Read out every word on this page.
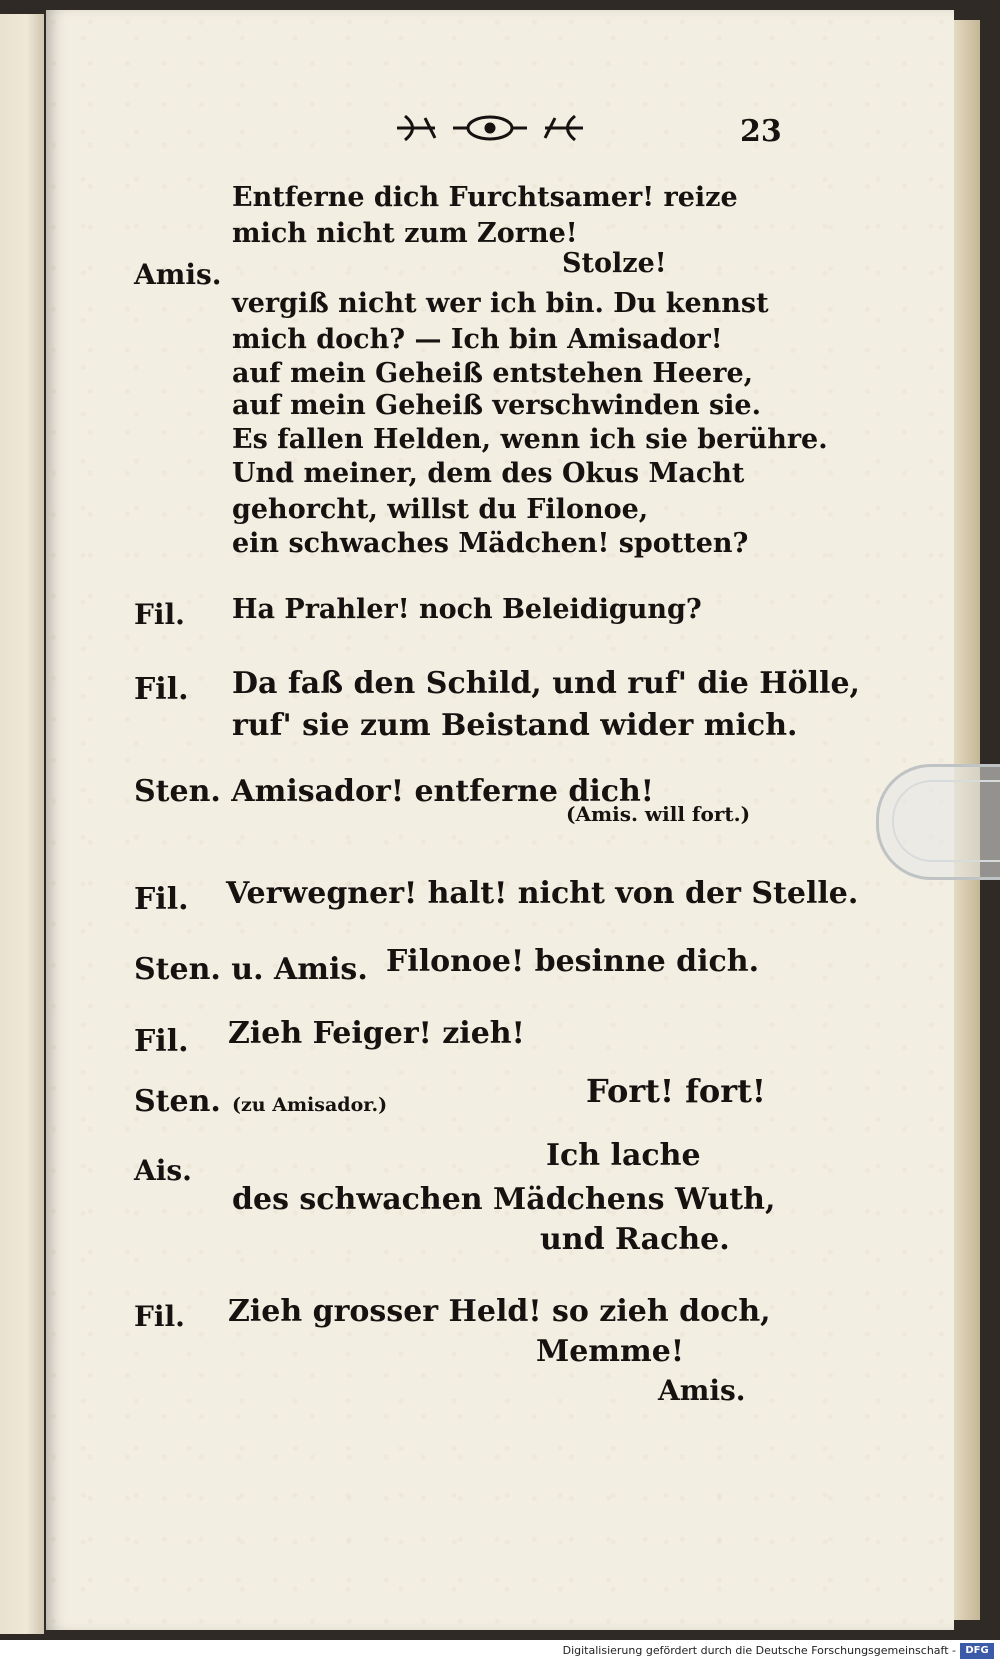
23
Entferne dich Furchtsamer! reize
mich nicht zum Zorne!
Amis.	Stolze!
vergiß nicht wer ich bin. Du kennst
mich doch? — Ich bin Amisador!
auf mein Geheiß entstehen Heere,
auf mein Geheiß verschwinden sie.
Es fallen Helden, wenn ich sie berühre.
Und meiner, dem des Okus Macht
gehorcht, willst du Filonoe,
ein schwaches Mädchen! spotten?
Fil. Ha Prahler! noch Beleidigung?
Fil. Da faß den Schild, und ruf' die Hölle,
ruf' sie zum Beistand wider mich.
Sten. Amisador! entferne dich!
(Amis. will fort.)
Fil. Verwegner! halt! nicht von der Stelle.
Sten. u. Amis. Filonoe! besinne dich.
Fil. Zieh Feiger! zieh!
Sten. (zu Amisador.)	Fort! fort!
Ais.	Ich lache
des schwachen Mädchens Wuth,
und Rache.
Fil. Zieh grosser Held! so zieh doch,
Memme!
Amis.
Digitalisierung gefördert durch die Deutsche Forschungsgemeinschaft - DFG
